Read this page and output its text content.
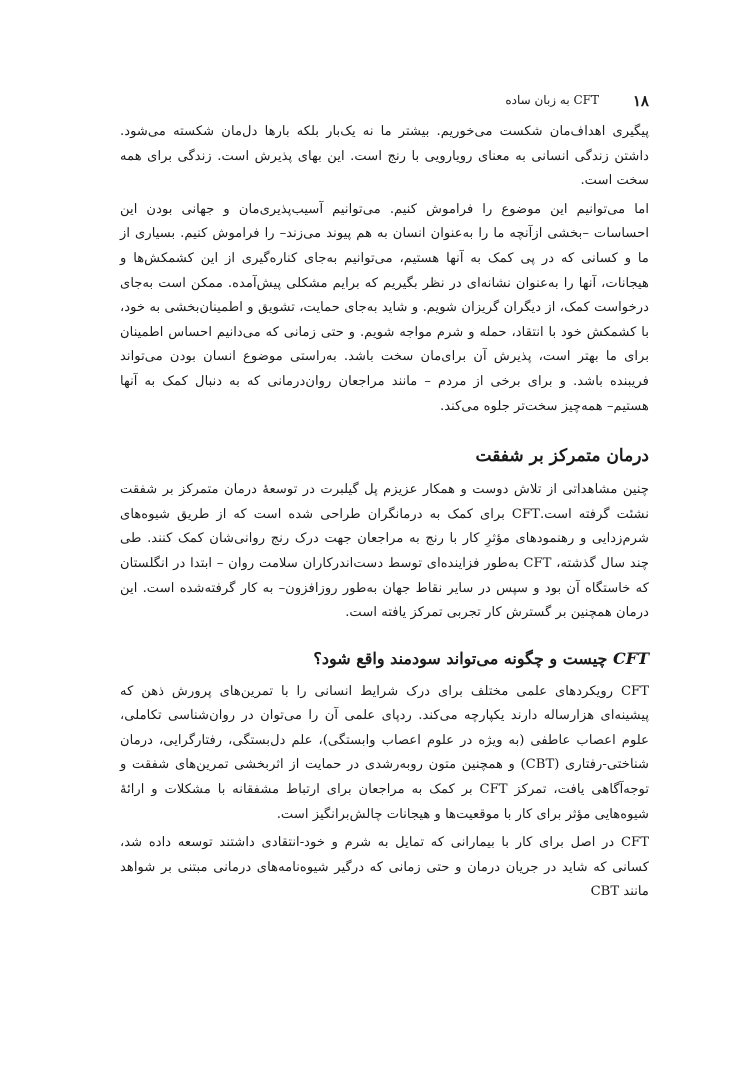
۱۸
CFT به زبان ساده

پیگیری اهداف‌مان شکست می‌خوریم. بیشتر ما نه یک‌بار بلکه بارها دل‌مان شکسته می‌شود. داشتن زندگی انسانی به معنای رویارویی با رنج است. این بهای پذیرش است. زندگی برای همه سخت است.

اما می‌توانیم این موضوع را فراموش کنیم. می‌توانیم آسیب‌پذیری‌مان و جهانی بودن این احساسات –بخشی ازآنچه ما را به‌عنوان انسان به هم پیوند می‌زند– را فراموش کنیم. بسیاری از ما و کسانی که در پی کمک به آنها هستیم، می‌توانیم به‌جای کناره‌گیری از این کشمکش‌ها و هیجانات، آنها را به‌عنوان نشانه‌ای در نظر بگیریم که برایم مشکلی پیش‌آمده. ممکن است به‌جای درخواست کمک، از دیگران گریزان شویم. و شاید به‌جای حمایت، تشویق و اطمینان‌بخشی به خود، با کشمکش خود با انتقاد، حمله و شرم مواجه شویم. و حتی زمانی که می‌دانیم احساس اطمینان برای ما بهتر است، پذیرش آن برای‌مان سخت باشد. به‌راستی موضوع انسان بودن می‌تواند فریبنده باشد. و برای برخی از مردم – مانند مراجعان روان‌درمانی که به دنبال کمک به آنها هستیم– همه‌چیز سخت‌تر جلوه می‌کند.

درمان متمرکز بر شفقت

چنین مشاهداتی از تلاش دوست و همکار عزیزم پل گیلبرت در توسعهٔ درمان متمرکز بر شفقت نشئت گرفته است.CFT برای کمک به درمانگران طراحی شده است که از طریق شیوه‌های شرم‌زدایی و رهنمودهای مؤثرِ کار با رنج به مراجعان جهت درک رنج روانی‌شان کمک کنند. طی چند سال گذشته، CFT به‌طور فزاینده‌ای توسط دست‌اندرکاران سلامت روان – ابتدا در انگلستان که خاستگاه آن بود و سپس در سایر نقاط جهان به‌طور روزافزون– به کار گرفته‌شده است. این درمان همچنین بر گسترش کار تجربی تمرکز یافته است.

CFT چیست و چگونه می‌تواند سودمند واقع شود؟

CFT رویکردهای علمی مختلف برای درک شرایط انسانی را با تمرین‌های پرورش ذهن که پیشینه‌ای هزارساله دارند یکپارچه می‌کند. ردپای علمی آن را می‌توان در روان‌شناسی تکاملی، علوم اعصاب عاطفی (به ویژه در علوم اعصاب وابستگی)، علم دل‌بستگی، رفتارگرایی، درمان شناختی-رفتاری (CBT) و همچنین متون روبه‌رشدی در حمایت از اثربخشی تمرین‌های شفقت و توجه‌آگاهی یافت، تمرکز CFT بر کمک به مراجعان برای ارتباط مشفقانه با مشکلات و ارائهٔ شیوه‌هایی مؤثر برای کار با موقعیت‌ها و هیجانات چالش‌برانگیز است.

CFT در اصل برای کار با بیمارانی که تمایل به شرم و خود-انتقادی داشتند توسعه داده شد، کسانی که شاید در جریان درمان و حتی زمانی که درگیر شیوه‌نامه‌های درمانی مبتنی بر شواهد مانند CBT
